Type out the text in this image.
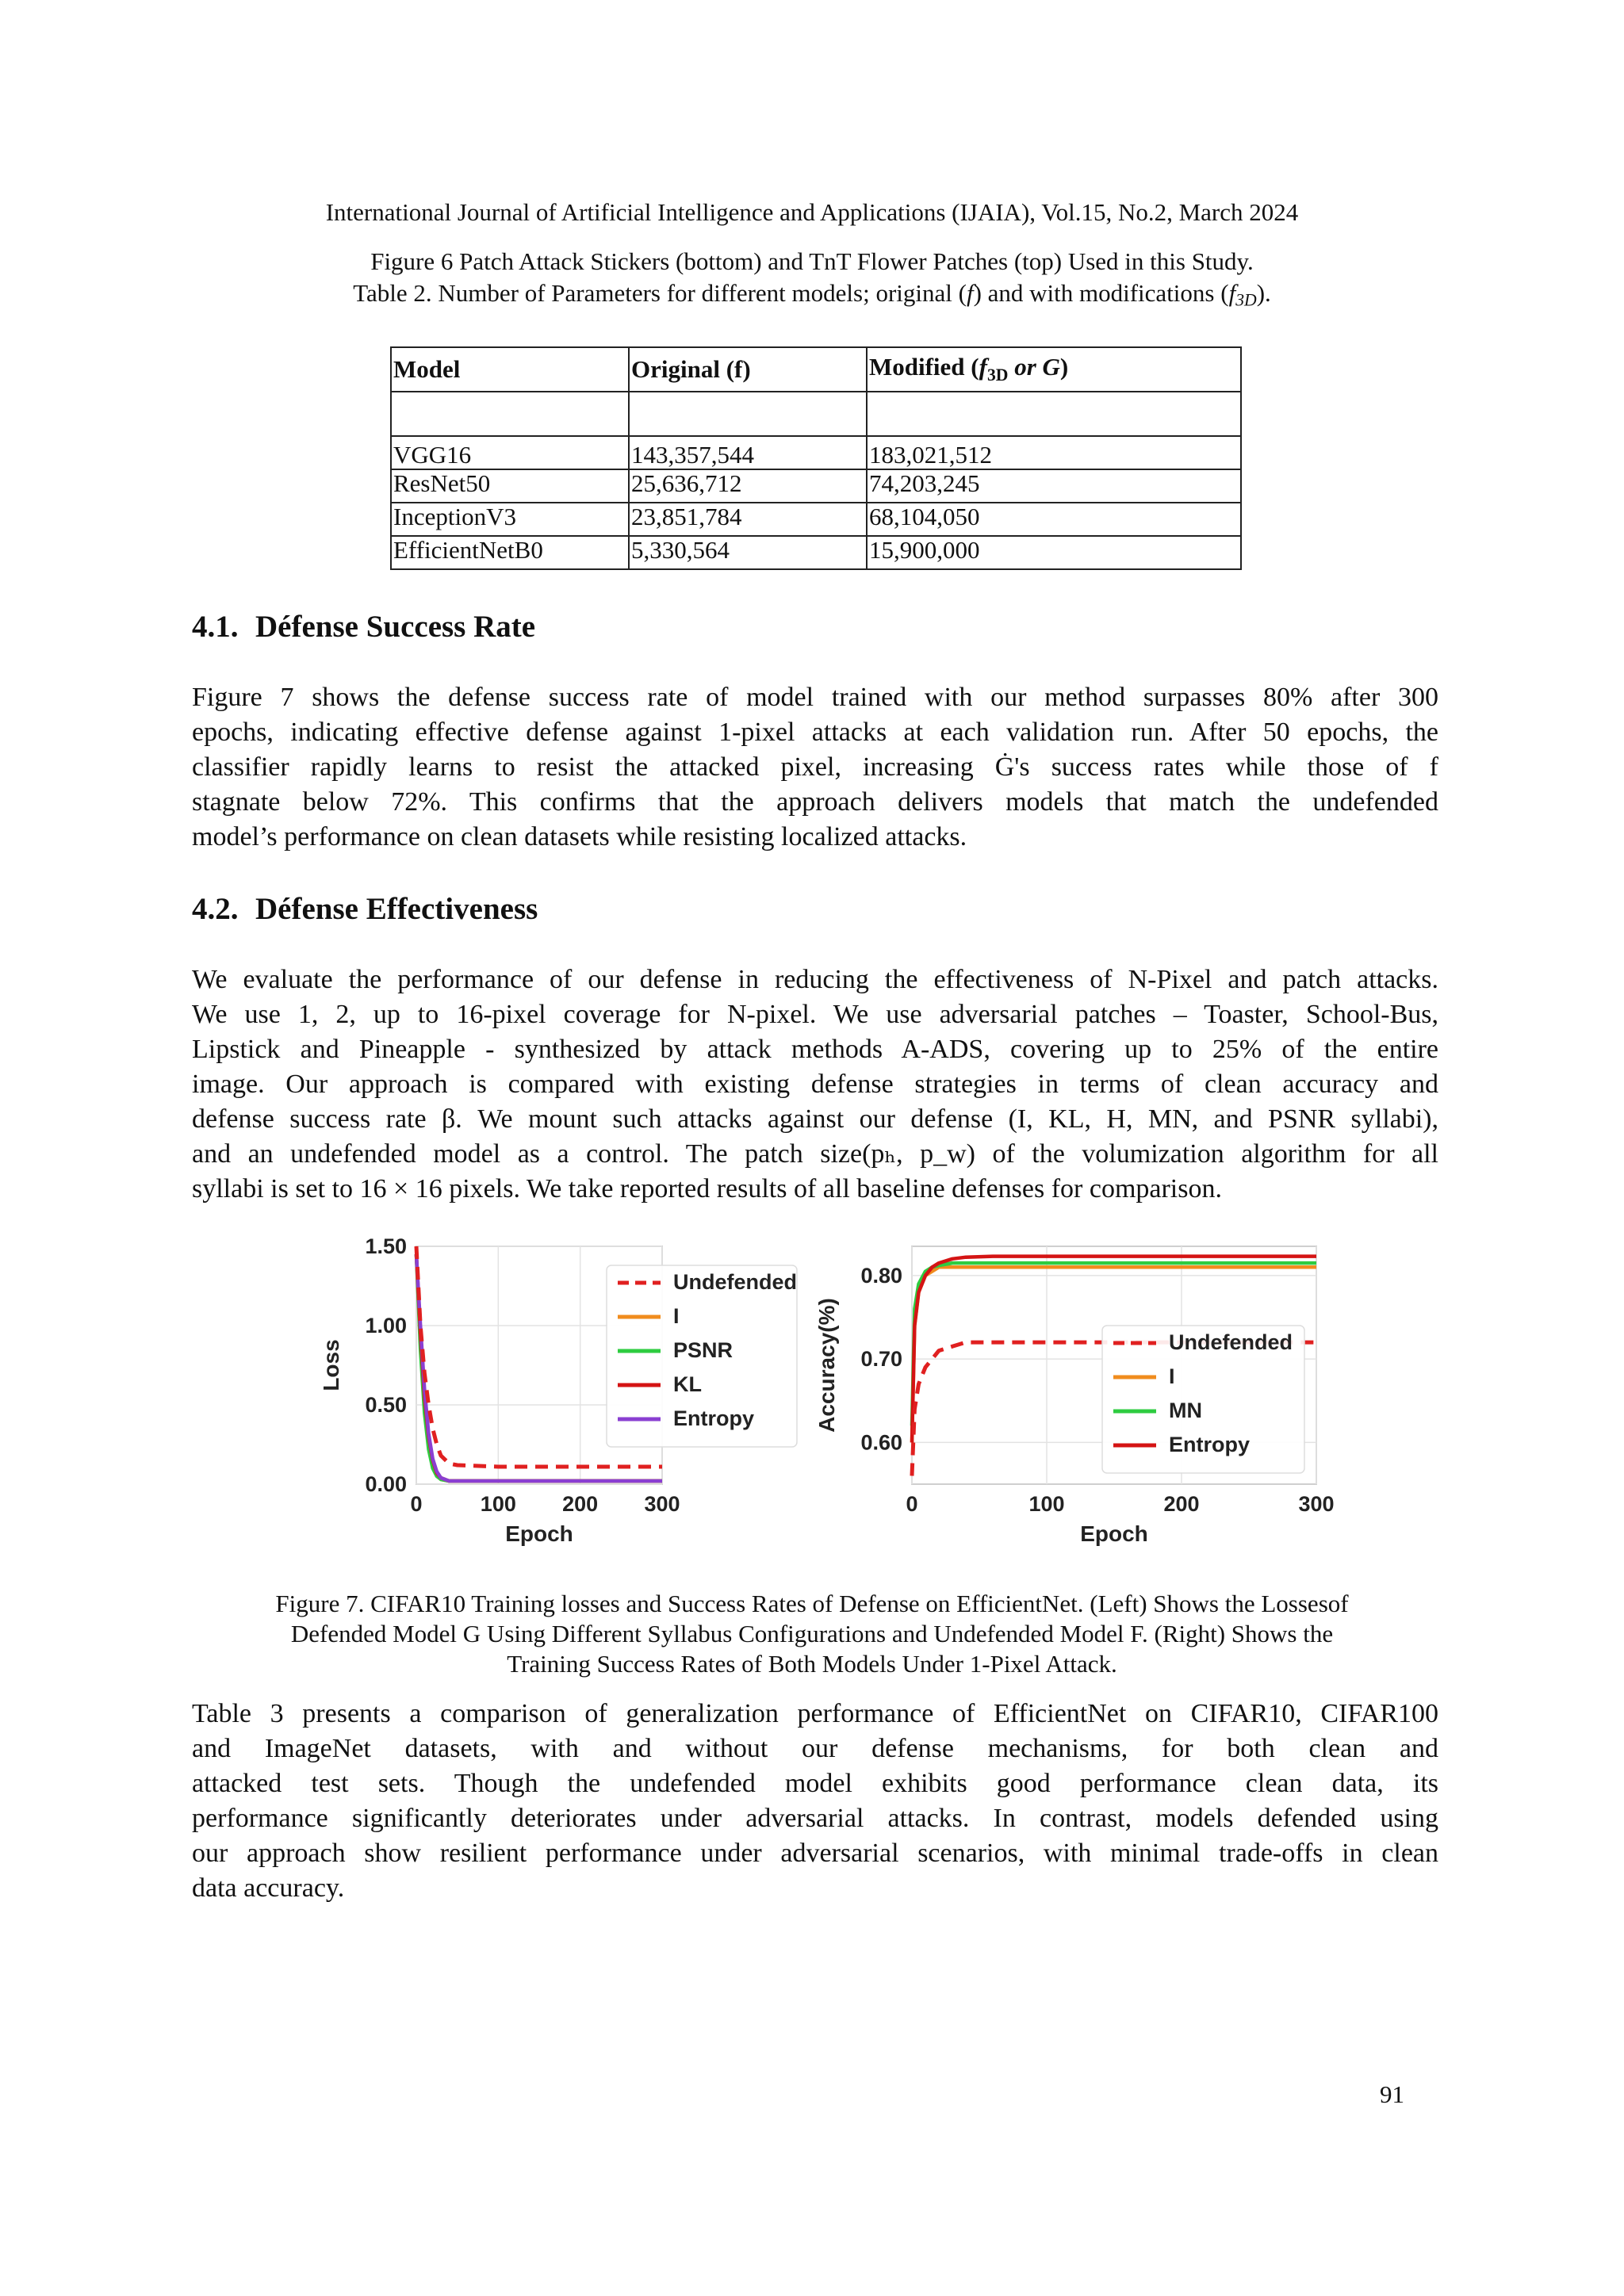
International Journal of Artificial Intelligence and Applications (IJAIA), Vol.15, No.2, March 2024
Figure 6 Patch Attack Stickers (bottom) and TnT Flower Patches (top) Used in this Study.
Table 2. Number of Parameters for different models; original (f) and with modifications $(f_{3D})$.
Model	Original (f)	Modified ($f_{3D}$ or G)

VGG16	143,357,544	183,021,512
ResNet50	25,636,712	74,203,245
InceptionV3	23,851,784	68,104,050
EfficientNetB0	5,330,564	15,900,000
4.1. Défense Success Rate
Figure 7 shows the defense success rate of model trained with our method surpasses 80% after 300
epochs, indicating effective defense against 1-pixel attacks at each validation run. After 50 epochs, the
classifier rapidly learns to resist the attacked pixel, increasing Ġ's success rates while those of f
stagnate below 72%. This confirms that the approach delivers models that match the undefended
model’s performance on clean datasets while resisting localized attacks.
4.2. Défense Effectiveness
We evaluate the performance of our defense in reducing the effectiveness of N-Pixel and patch attacks.
We use 1, 2, up to 16-pixel coverage for N-pixel. We use adversarial patches – Toaster, School-Bus,
Lipstick and Pineapple - synthesized by attack methods A-ADS, covering up to 25% of the entire
image. Our approach is compared with existing defense strategies in terms of clean accuracy and
defense success rate β. We mount such attacks against our defense (I, KL, H, MN, and PSNR syllabi),
and an undefended model as a control. The patch size(pₕ, p_w) of the volumization algorithm for all
syllabi is set to 16 × 16 pixels. We take reported results of all baseline defenses for comparison.
0	100 200 300
0.00
0.50
1.00
1.50
Epoch
Loss
Undefended
I
PSNR
KL
Entropy
0	100	200	300
0.60
0.70
0.80
Epoch
Accuracy(%)	Undefended
I
MN
Entropy
Figure 7. CIFAR10 Training losses and Success Rates of Defense on EfficientNet. (Left) Shows the Lossesof
Defended Model G Using Different Syllabus Configurations and Undefended Model F. (Right) Shows the
Training Success Rates of Both Models Under 1-Pixel Attack.
Table 3 presents a comparison of generalization performance of EfficientNet on CIFAR10, CIFAR100
and ImageNet datasets, with and without our defense mechanisms, for both clean and
attacked test sets. Though the undefended model exhibits good performance clean data, its
performance significantly deteriorates under adversarial attacks. In contrast, models defended using
our approach show resilient performance under adversarial scenarios, with minimal trade-offs in clean
data accuracy.
91
